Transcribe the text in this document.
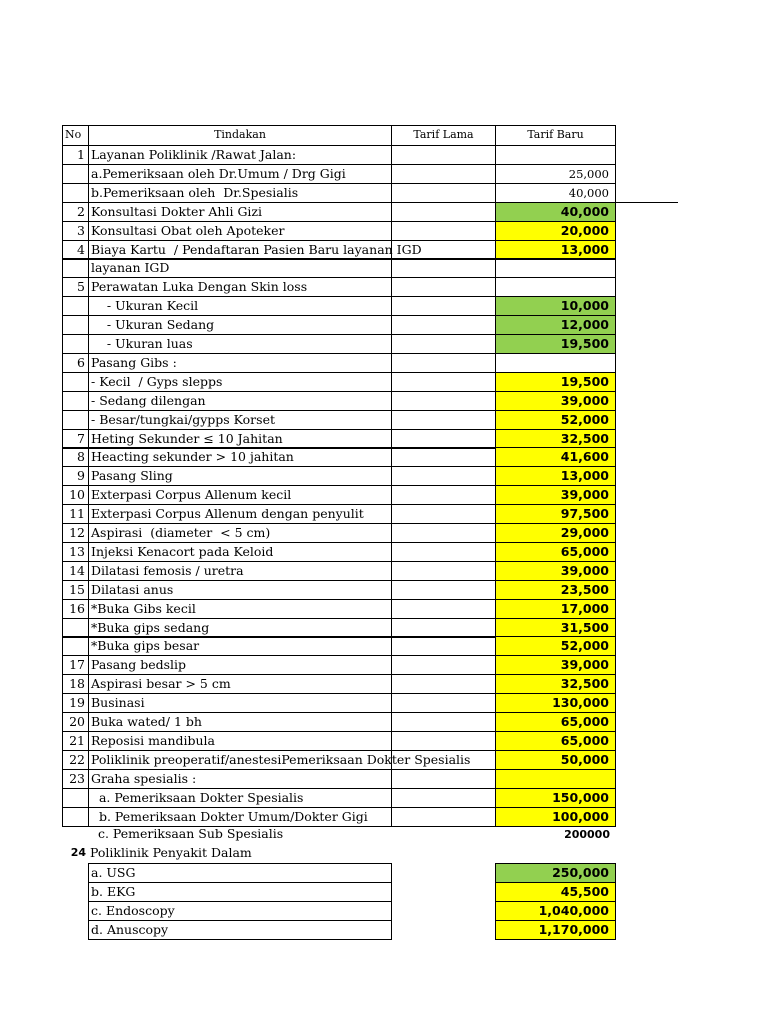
No	Tindakan	Tarif Lama	Tarif Baru
1 Layanan Poliklinik /Rawat Jalan:
a.Pemeriksaan oleh Dr.Umum / Drg Gigi	25,000
b.Pemeriksaan oleh  Dr.Spesialis	40,000
2 Konsultasi Dokter Ahli Gizi	40,000
3 Konsultasi Obat oleh Apoteker	20,000
4 Biaya Kartu  / Pendaftaran Pasien Baru layanan IGD	13,000
layanan IGD
5 Perawatan Luka Dengan Skin loss
- Ukuran Kecil	10,000
- Ukuran Sedang	12,000
- Ukuran luas	19,500
6 Pasang Gibs :
- Kecil  / Gyps slepps	19,500
- Sedang dilengan	39,000
- Besar/tungkai/gypps Korset	52,000
7 Heting Sekunder ≤ 10 Jahitan	32,500
8 Heacting sekunder > 10 jahitan	41,600
9 Pasang Sling	13,000
10 Exterpasi Corpus Allenum kecil	39,000
11 Exterpasi Corpus Allenum dengan penyulit	97,500
12 Aspirasi  (diameter  < 5 cm)	29,000
13 Injeksi Kenacort pada Keloid	65,000
14 Dilatasi femosis / uretra	39,000
15 Dilatasi anus	23,500
16 *Buka Gibs kecil	17,000
*Buka gips sedang	31,500
*Buka gips besar	52,000
17 Pasang bedslip	39,000
18 Aspirasi besar > 5 cm	32,500
19 Businasi	130,000
20 Buka wated/ 1 bh	65,000
21 Reposisi mandibula	65,000
22 Poliklinik preoperatif/anestesiPemeriksaan Dokter Spesialis	50,000
23 Graha spesialis :
a. Pemeriksaan Dokter Spesialis	150,000
b. Pemeriksaan Dokter Umum/Dokter Gigi	100,000
c. Pemeriksaan Sub Spesialis	200000
24 Poliklinik Penyakit Dalam
a. USG	250,000
b. EKG	45,500
c. Endoscopy	1,040,000
d. Anuscopy	1,170,000
